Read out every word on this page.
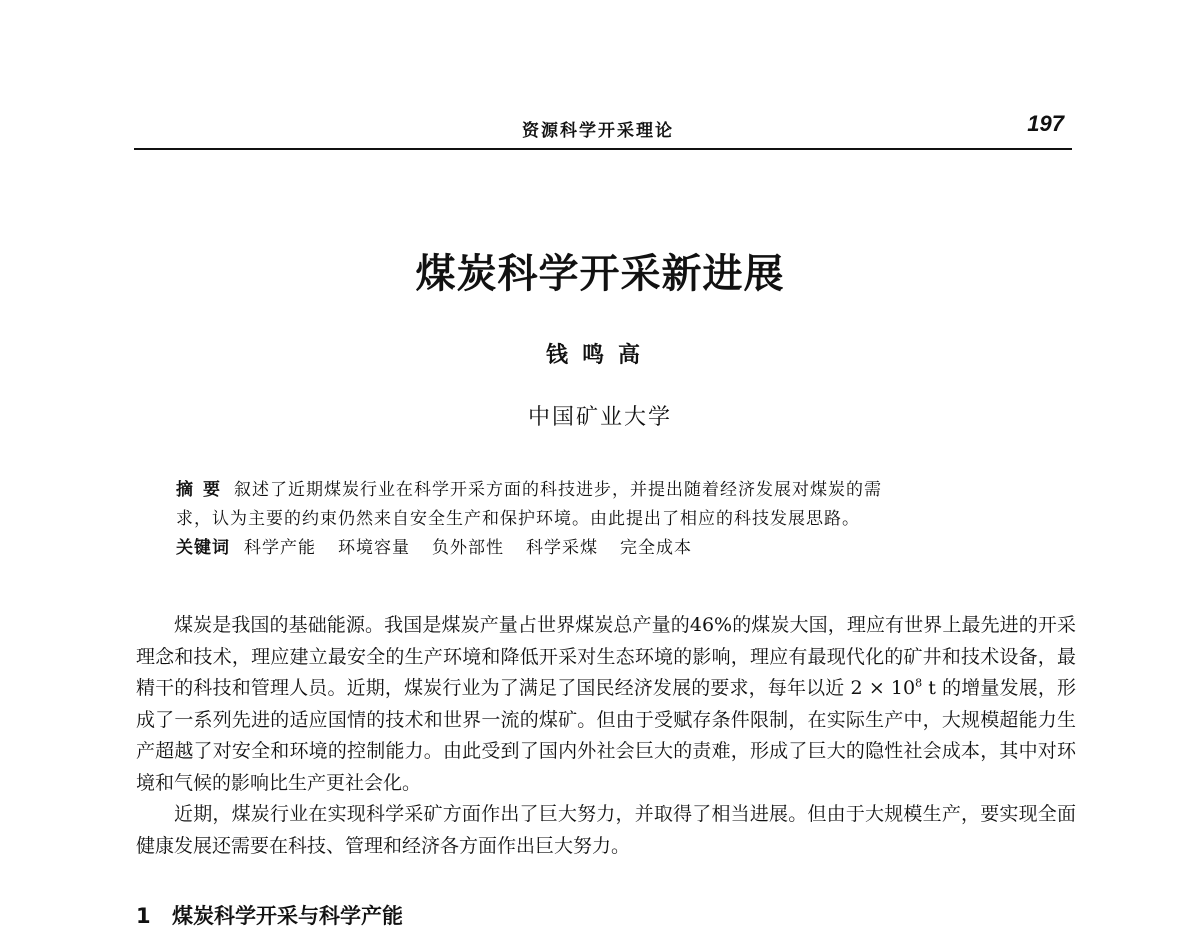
资源科学开采理论	197
煤炭科学开采新进展
钱鸣高
中国矿业大学
摘要 叙述了近期煤炭行业在科学开采方面的科技进步，并提出随着经济发展对煤炭的需
求，认为主要的约束仍然来自安全生产和保护环境。由此提出了相应的科技发展思路。
关键词 科学产能 环境容量 负外部性 科学采煤 完全成本

煤炭是我国的基础能源。我国是煤炭产量占世界煤炭总产量的46%的煤炭大国，理应有世界上最先进的开采理念和技术，理应建立最安全的生产环境和降低开采对生态环境的影响，理应有最现代化的矿井和技术设备，最精干的科技和管理人员。近期，煤炭行业为了满足了国民经济发展的要求，每年以近 $2 \times 10^8$ t 的增量发展，形成了一系列先进的适应国情的技术和世界一流的煤矿。但由于受赋存条件限制，在实际生产中，大规模超能力生产超越了对安全和环境的控制能力。由此受到了国内外社会巨大的责难，形成了巨大的隐性社会成本，其中对环境和气候的影响比生产更社会化。

近期，煤炭行业在实现科学采矿方面作出了巨大努力，并取得了相当进展。但由于大规模生产，要实现全面健康发展还需要在科技、管理和经济各方面作出巨大努力。

1 煤炭科学开采与科学产能
